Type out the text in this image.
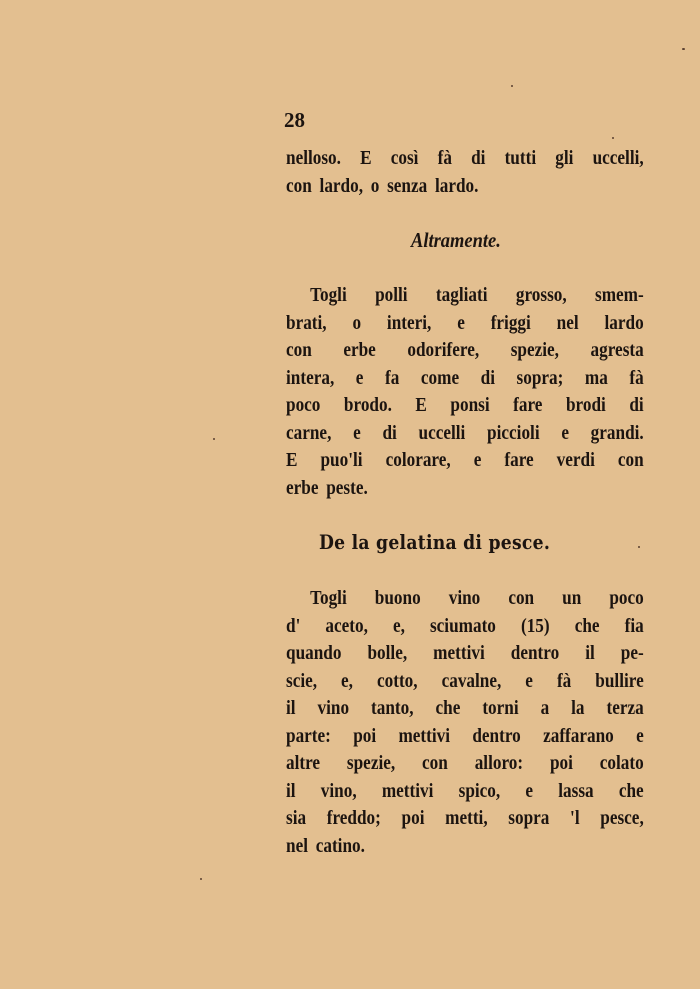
28
nelloso. E così fà di tutti gli uccelli,
con lardo, o senza lardo.
Altramente.
Togli polli tagliati grosso, smem-
brati, o interi, e friggi nel lardo
con erbe odorifere, spezie, agresta
intera, e fa come di sopra; ma fà
poco brodo. E ponsi fare brodi di
carne, e di uccelli piccioli e grandi.
E puo'li colorare, e fare verdi con
erbe peste.
De la gelatina di pesce.
Togli buono vino con un poco
d' aceto, e, sciumato (15) che fia
quando bolle, mettivi dentro il pe-
scie, e, cotto, cavalne, e fà bullire
il vino tanto, che torni a la terza
parte: poi mettivi dentro zaffarano e
altre spezie, con alloro: poi colato
il vino, mettivi spico, e lassa che
sia freddo; poi metti, sopra 'l pesce,
nel catino.
